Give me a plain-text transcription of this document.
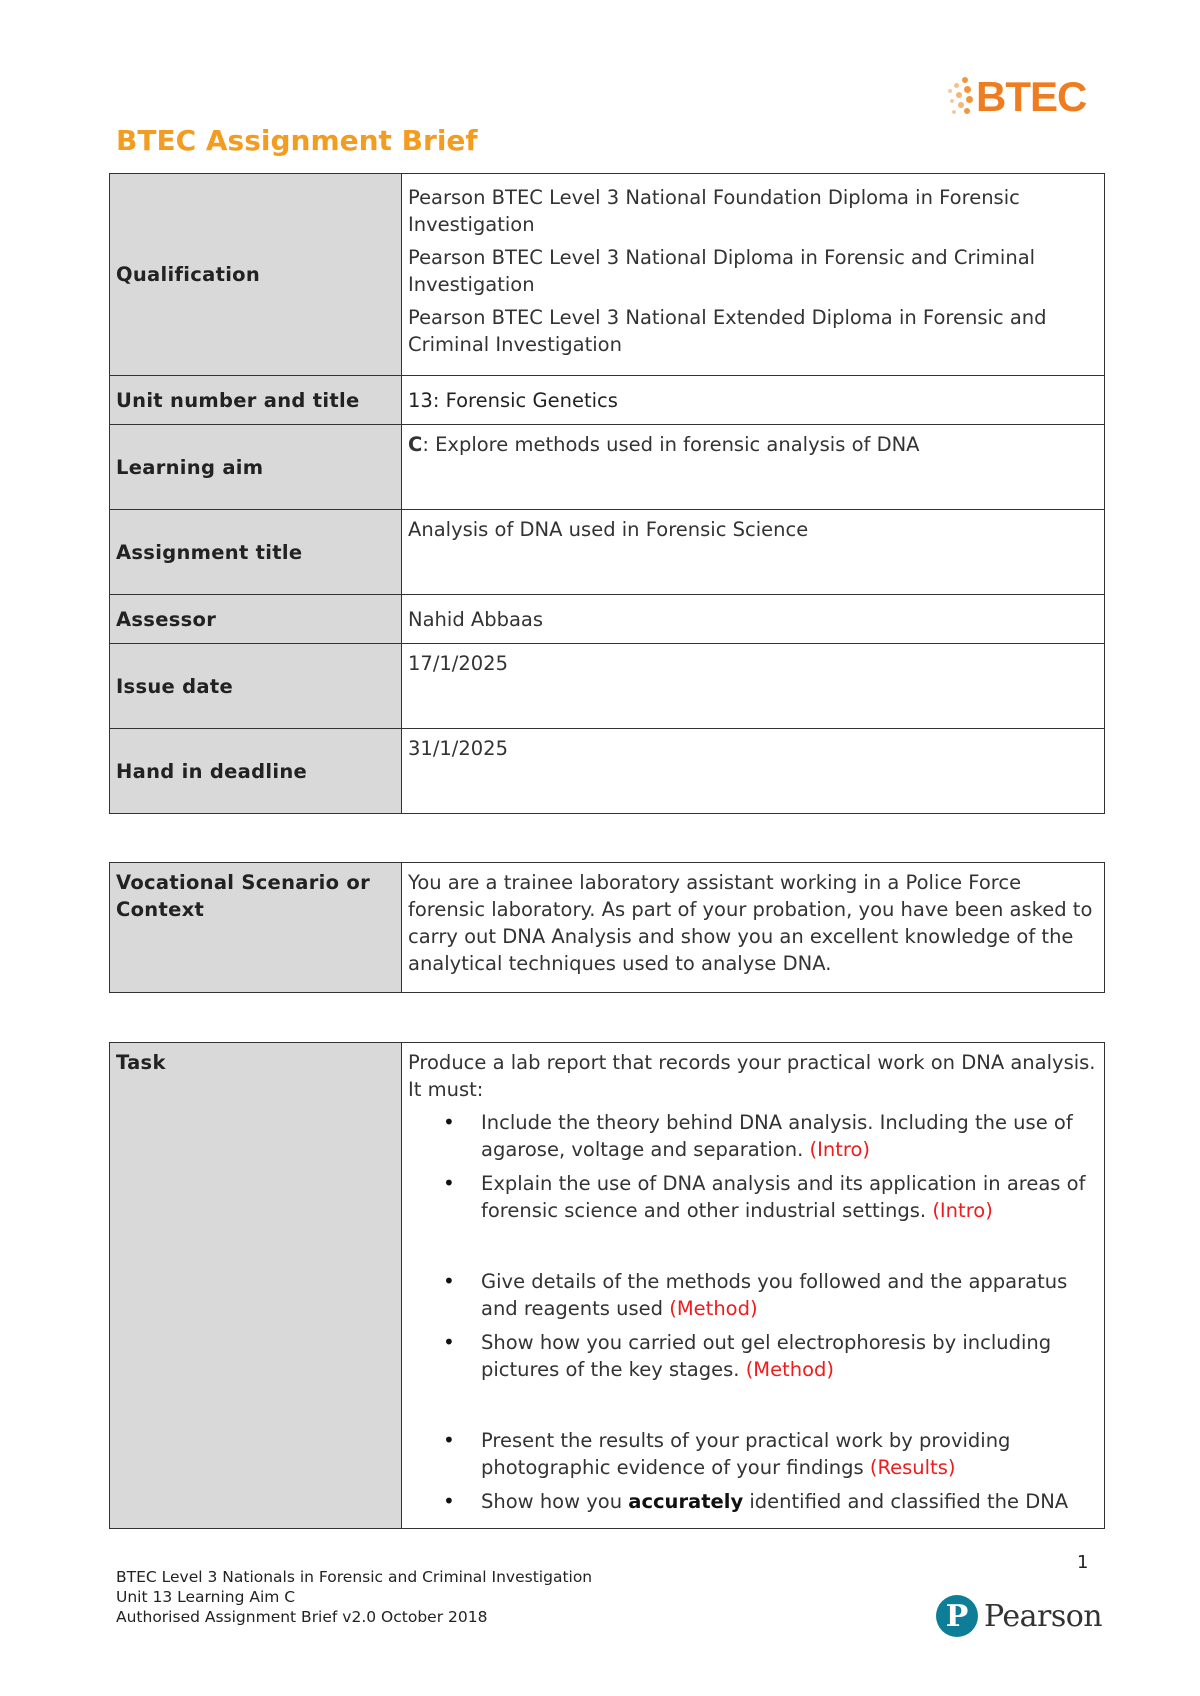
BTEC
BTEC Assignment Brief
Qualification	Pearson BTEC Level 3 National Foundation Diploma in Forensic Investigation
Pearson BTEC Level 3 National Diploma in Forensic and Criminal Investigation
Pearson BTEC Level 3 National Extended Diploma in Forensic and Criminal Investigation

Unit number and title	13: Forensic Genetics
Learning aim	C: Explore methods used in forensic analysis of DNA
Assignment title	Analysis of DNA used in Forensic Science
Assessor	Nahid Abbaas
Issue date	17/1/2025
Hand in deadline	31/1/2025
Vocational Scenario or Context	You are a trainee laboratory assistant working in a Police Force forensic laboratory. As part of your probation, you have been asked to carry out DNA Analysis and show you an excellent knowledge of the analytical techniques used to analyse DNA.
Task	Produce a lab report that records your practical work on DNA analysis. It must:
• Include the theory behind DNA analysis. Including the use of agarose, voltage and separation. (Intro)
• Explain the use of DNA analysis and its application in areas of forensic science and other industrial settings. (Intro)
• Give details of the methods you followed and the apparatus and reagents used (Method)
• Show how you carried out gel electrophoresis by including pictures of the key stages. (Method)
• Present the results of your practical work by providing photographic evidence of your findings (Results)
• Show how you accurately identified and classified the DNA
1
BTEC Level 3 Nationals in Forensic and Criminal Investigation
Unit 13 Learning Aim C
Authorised Assignment Brief v2.0 October 2018	P Pearson
